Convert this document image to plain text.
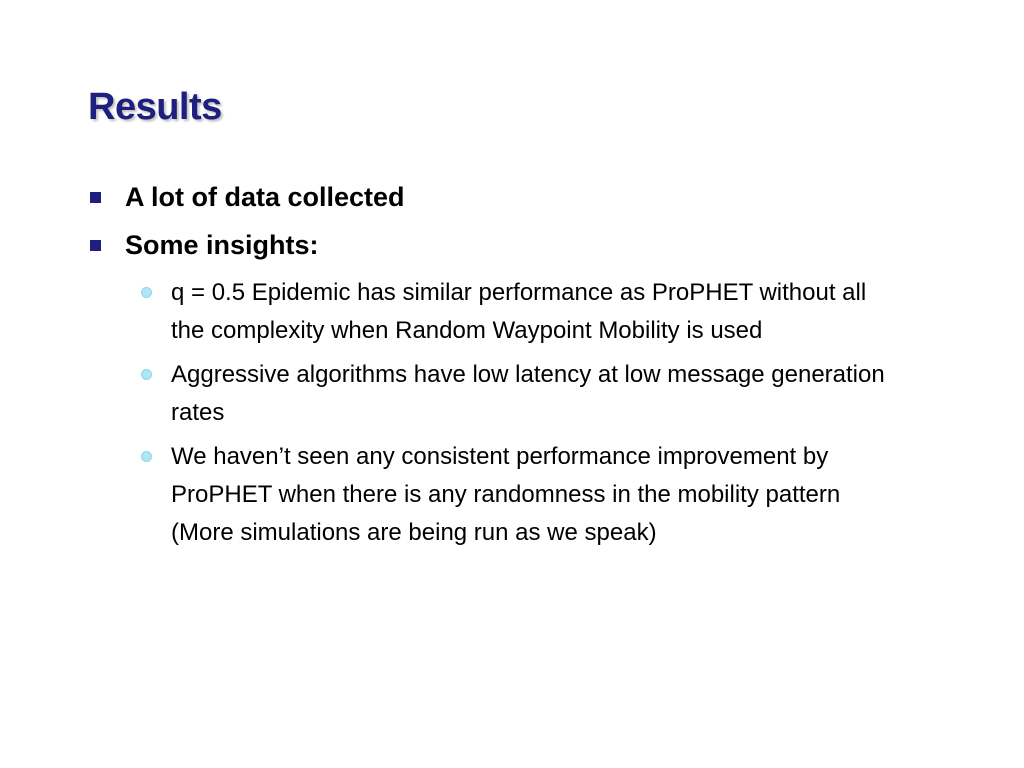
Results
A lot of data collected
Some insights:
q = 0.5 Epidemic has similar performance as ProPHET without all the complexity when Random Waypoint Mobility is used
Aggressive algorithms have low latency at low message generation rates
We haven’t seen any consistent performance improvement by ProPHET when there is any randomness in the mobility pattern (More simulations are being run as we speak)
